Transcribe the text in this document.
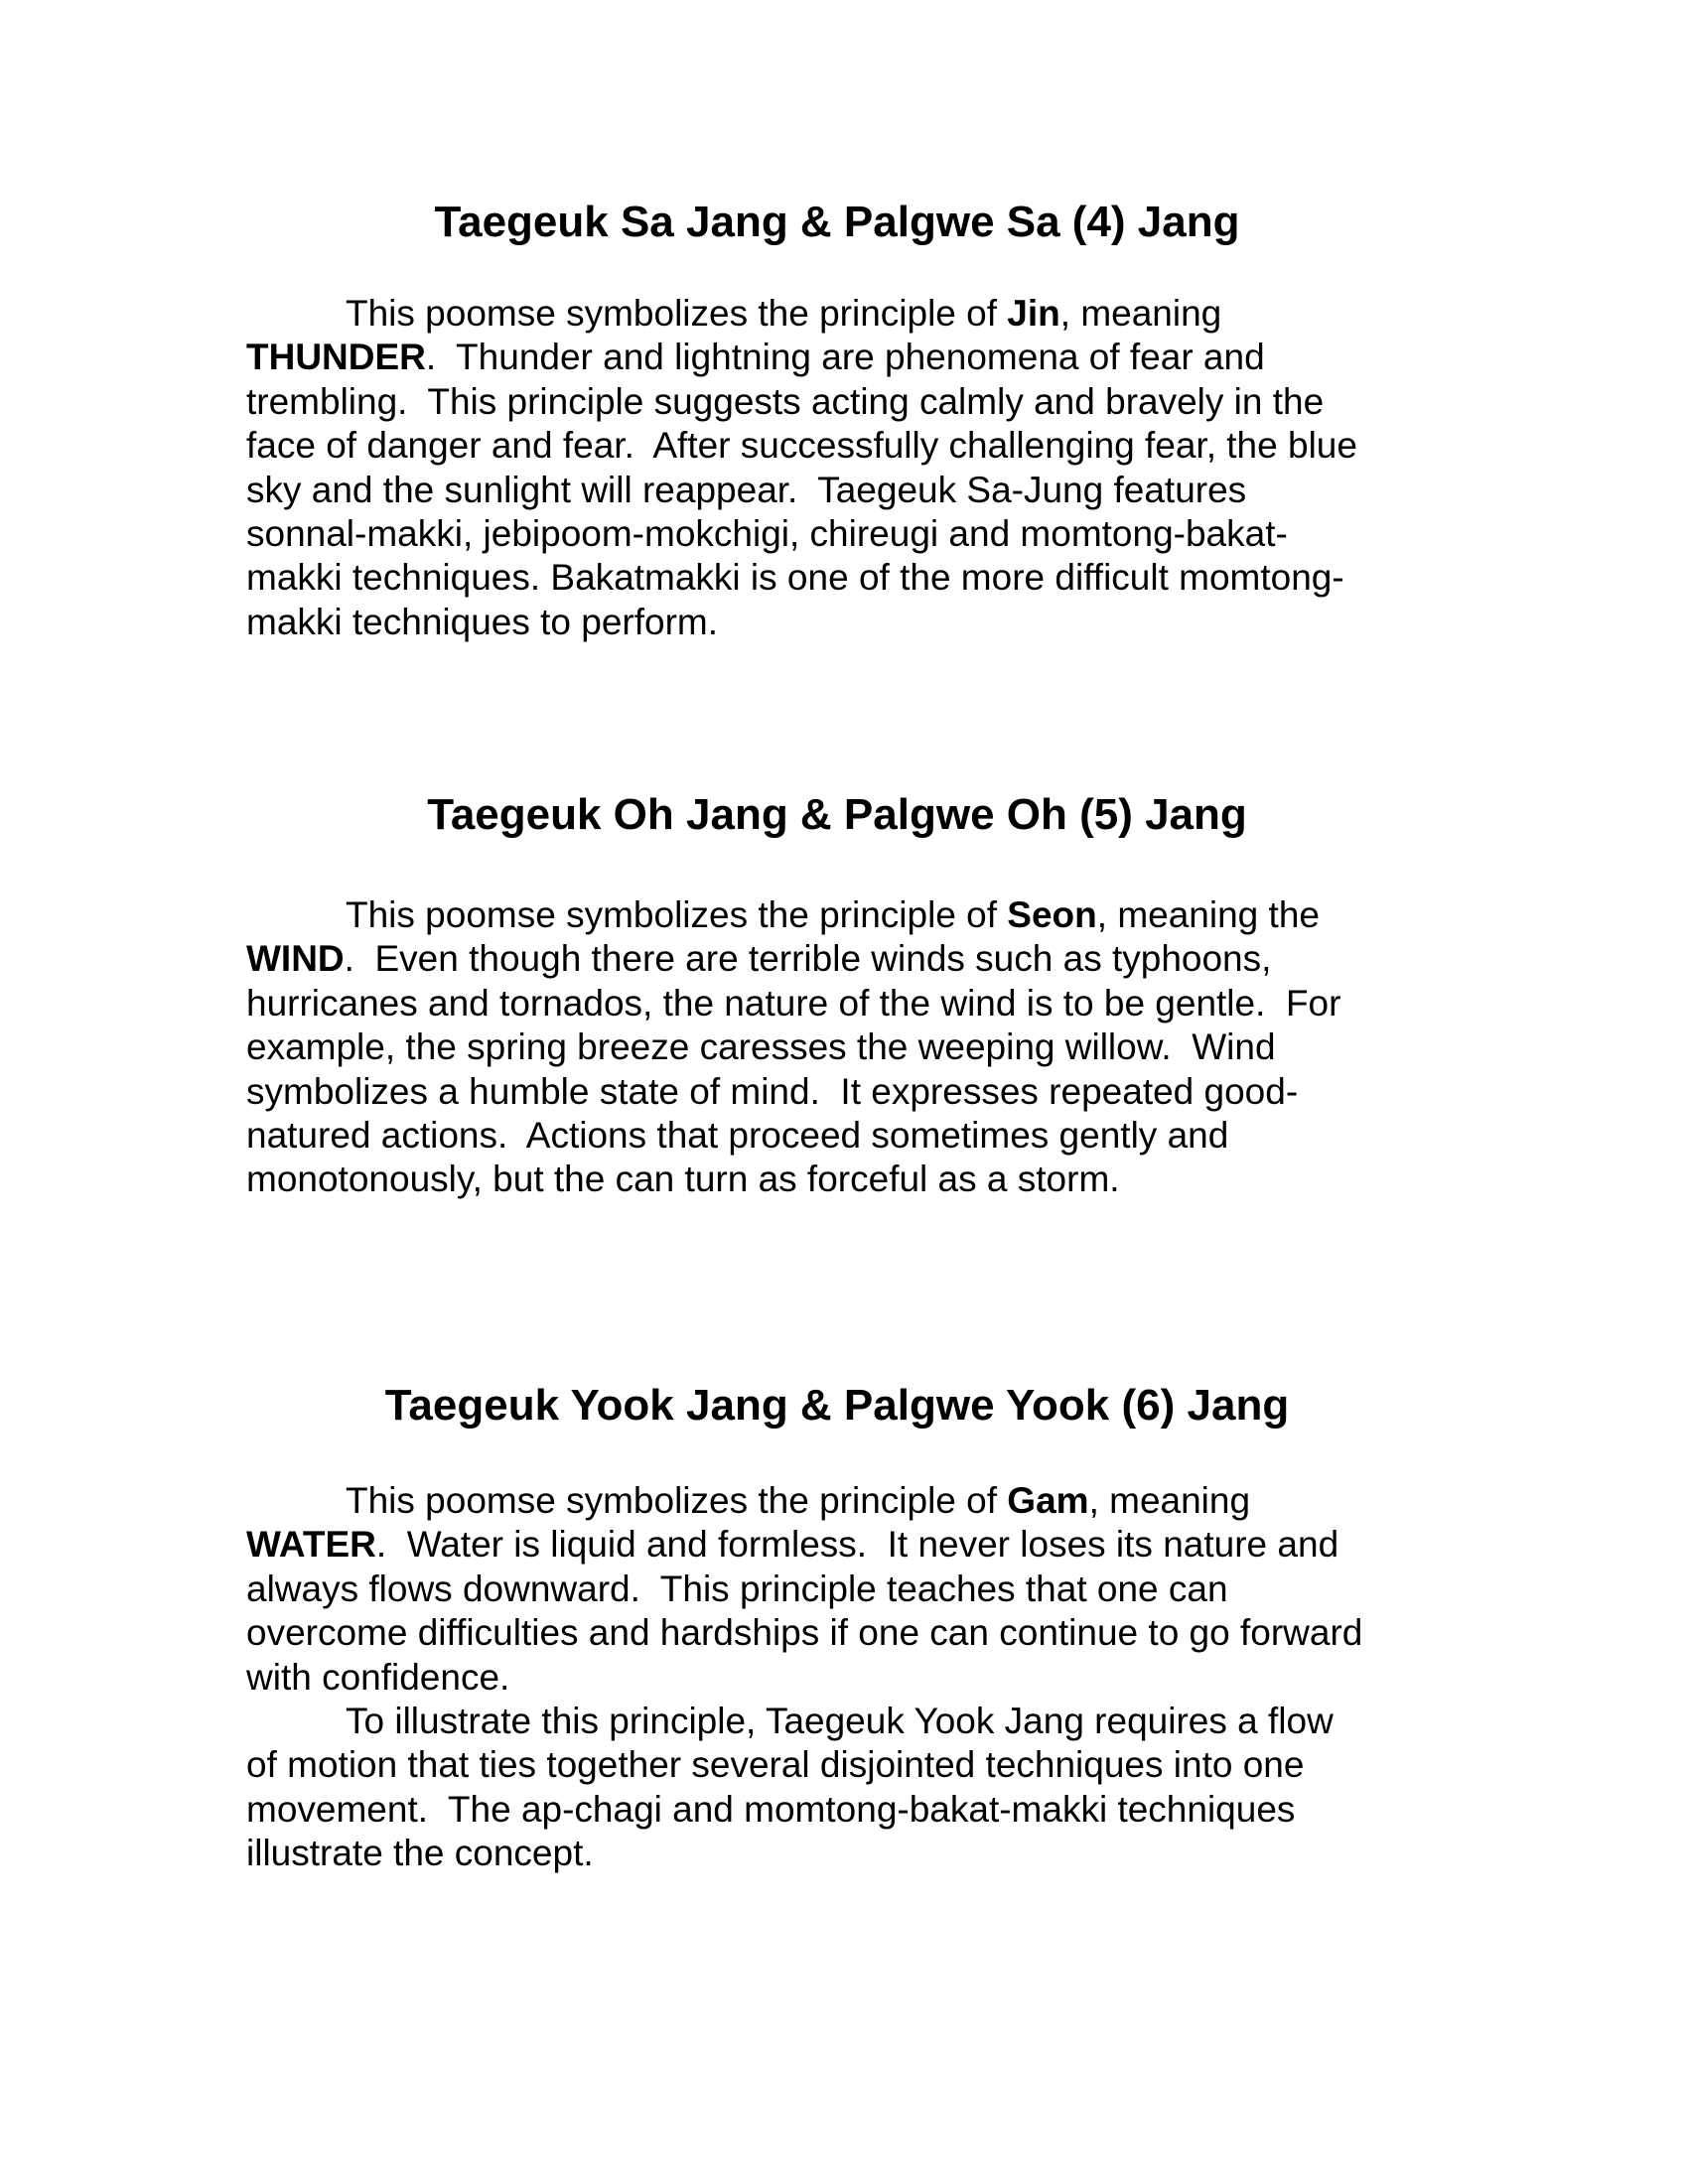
Taegeuk Sa Jang & Palgwe Sa (4) Jang

This poomse symbolizes the principle of Jin, meaning
THUNDER.  Thunder and lightning are phenomena of fear and
trembling.  This principle suggests acting calmly and bravely in the
face of danger and fear.  After successfully challenging fear, the blue
sky and the sunlight will reappear.  Taegeuk Sa-Jung features
sonnal-makki, jebipoom-mokchigi, chireugi and momtong-bakat-
makki techniques. Bakatmakki is one of the more difficult momtong-
makki techniques to perform.

Taegeuk Oh Jang & Palgwe Oh (5) Jang

This poomse symbolizes the principle of Seon, meaning the
WIND.  Even though there are terrible winds such as typhoons,
hurricanes and tornados, the nature of the wind is to be gentle.  For
example, the spring breeze caresses the weeping willow.  Wind
symbolizes a humble state of mind.  It expresses repeated good-
natured actions.  Actions that proceed sometimes gently and
monotonously, but the can turn as forceful as a storm.

Taegeuk Yook Jang & Palgwe Yook (6) Jang

This poomse symbolizes the principle of Gam, meaning
WATER.  Water is liquid and formless.  It never loses its nature and
always flows downward.  This principle teaches that one can
overcome difficulties and hardships if one can continue to go forward
with confidence.

To illustrate this principle, Taegeuk Yook Jang requires a flow
of motion that ties together several disjointed techniques into one
movement.  The ap-chagi and momtong-bakat-makki techniques
illustrate the concept.
